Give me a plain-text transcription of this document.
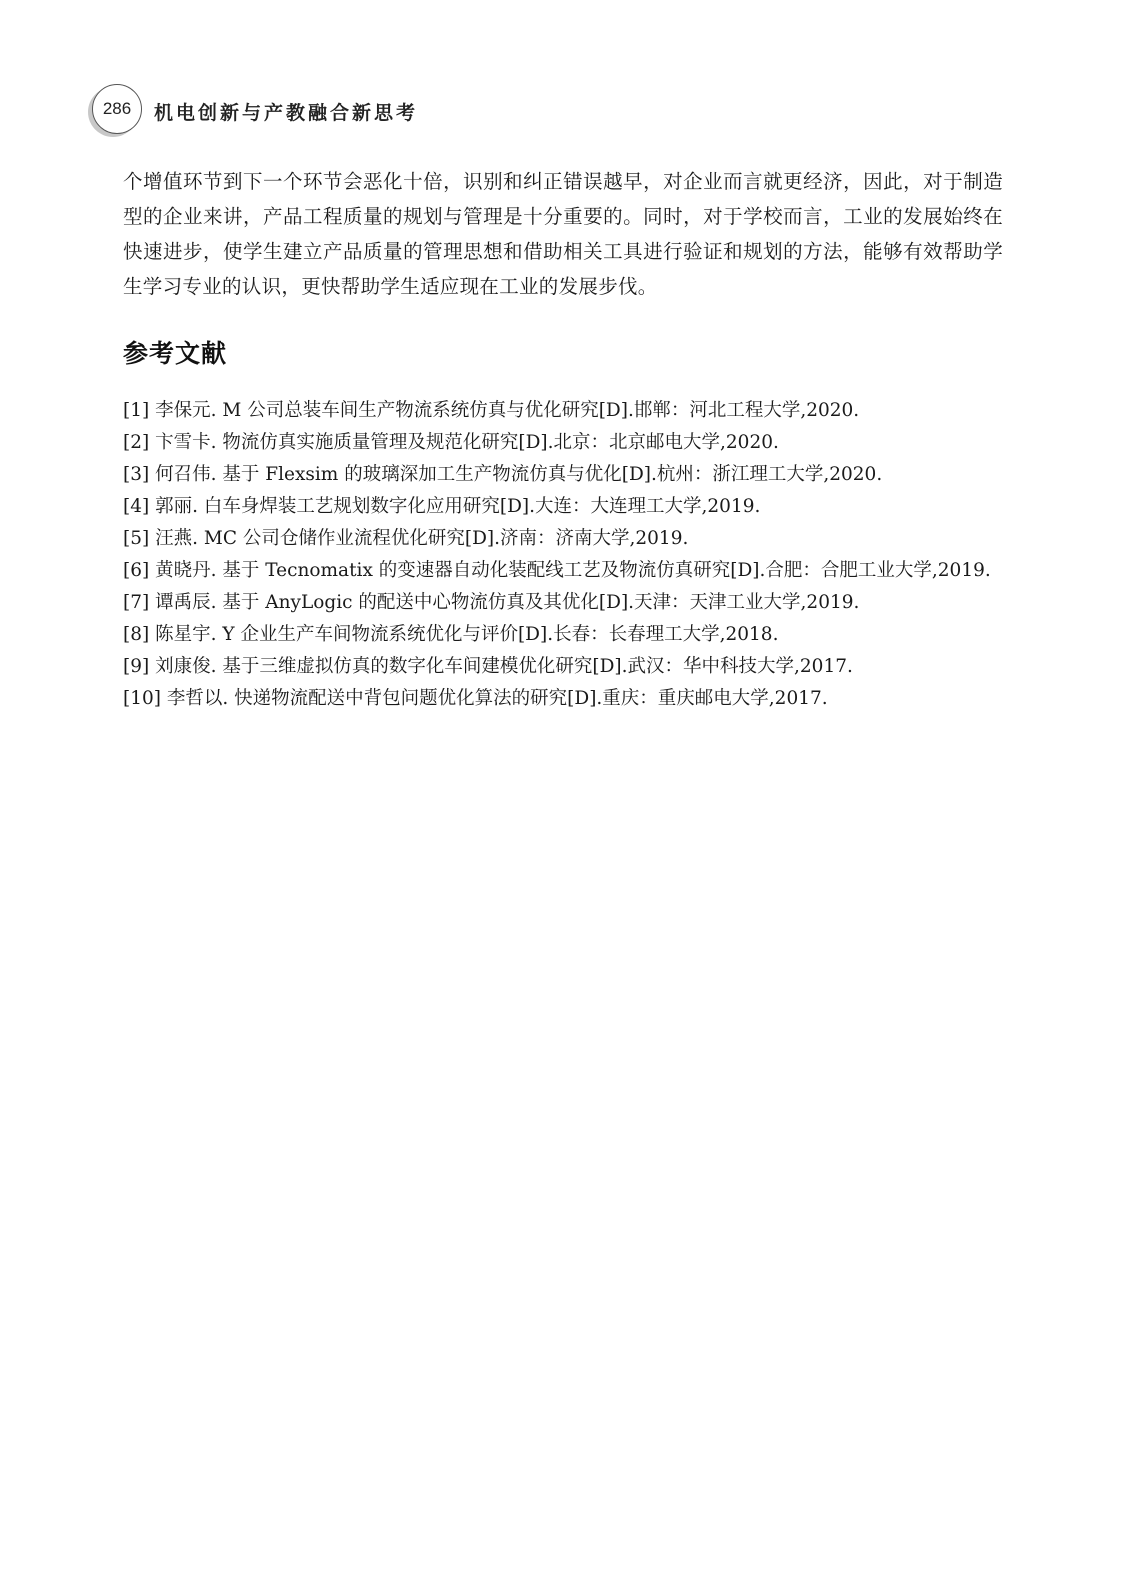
286 机电创新与产教融合新思考

个增值环节到下一个环节会恶化十倍，识别和纠正错误越早，对企业而言就更经济，因此，对于制造型的企业来讲，产品工程质量的规划与管理是十分重要的。同时，对于学校而言，工业的发展始终在快速进步，使学生建立产品质量的管理思想和借助相关工具进行验证和规划的方法，能够有效帮助学生学习专业的认识，更快帮助学生适应现在工业的发展步伐。

参考文献
[1] 李保元. M 公司总装车间生产物流系统仿真与优化研究[D].邯郸：河北工程大学,2020.
[2] 卞雪卡. 物流仿真实施质量管理及规范化研究[D].北京：北京邮电大学,2020.
[3] 何召伟. 基于 Flexsim 的玻璃深加工生产物流仿真与优化[D].杭州：浙江理工大学,2020.
[4] 郭丽. 白车身焊装工艺规划数字化应用研究[D].大连：大连理工大学,2019.
[5] 汪燕. MC 公司仓储作业流程优化研究[D].济南：济南大学,2019.
[6] 黄晓丹. 基于 Tecnomatix 的变速器自动化装配线工艺及物流仿真研究[D].合肥：合肥工业大学,2019.
[7] 谭禹辰. 基于 AnyLogic 的配送中心物流仿真及其优化[D].天津：天津工业大学,2019.
[8] 陈星宇. Y 企业生产车间物流系统优化与评价[D].长春：长春理工大学,2018.
[9] 刘康俊. 基于三维虚拟仿真的数字化车间建模优化研究[D].武汉：华中科技大学,2017.
[10] 李哲以. 快递物流配送中背包问题优化算法的研究[D].重庆：重庆邮电大学,2017.
